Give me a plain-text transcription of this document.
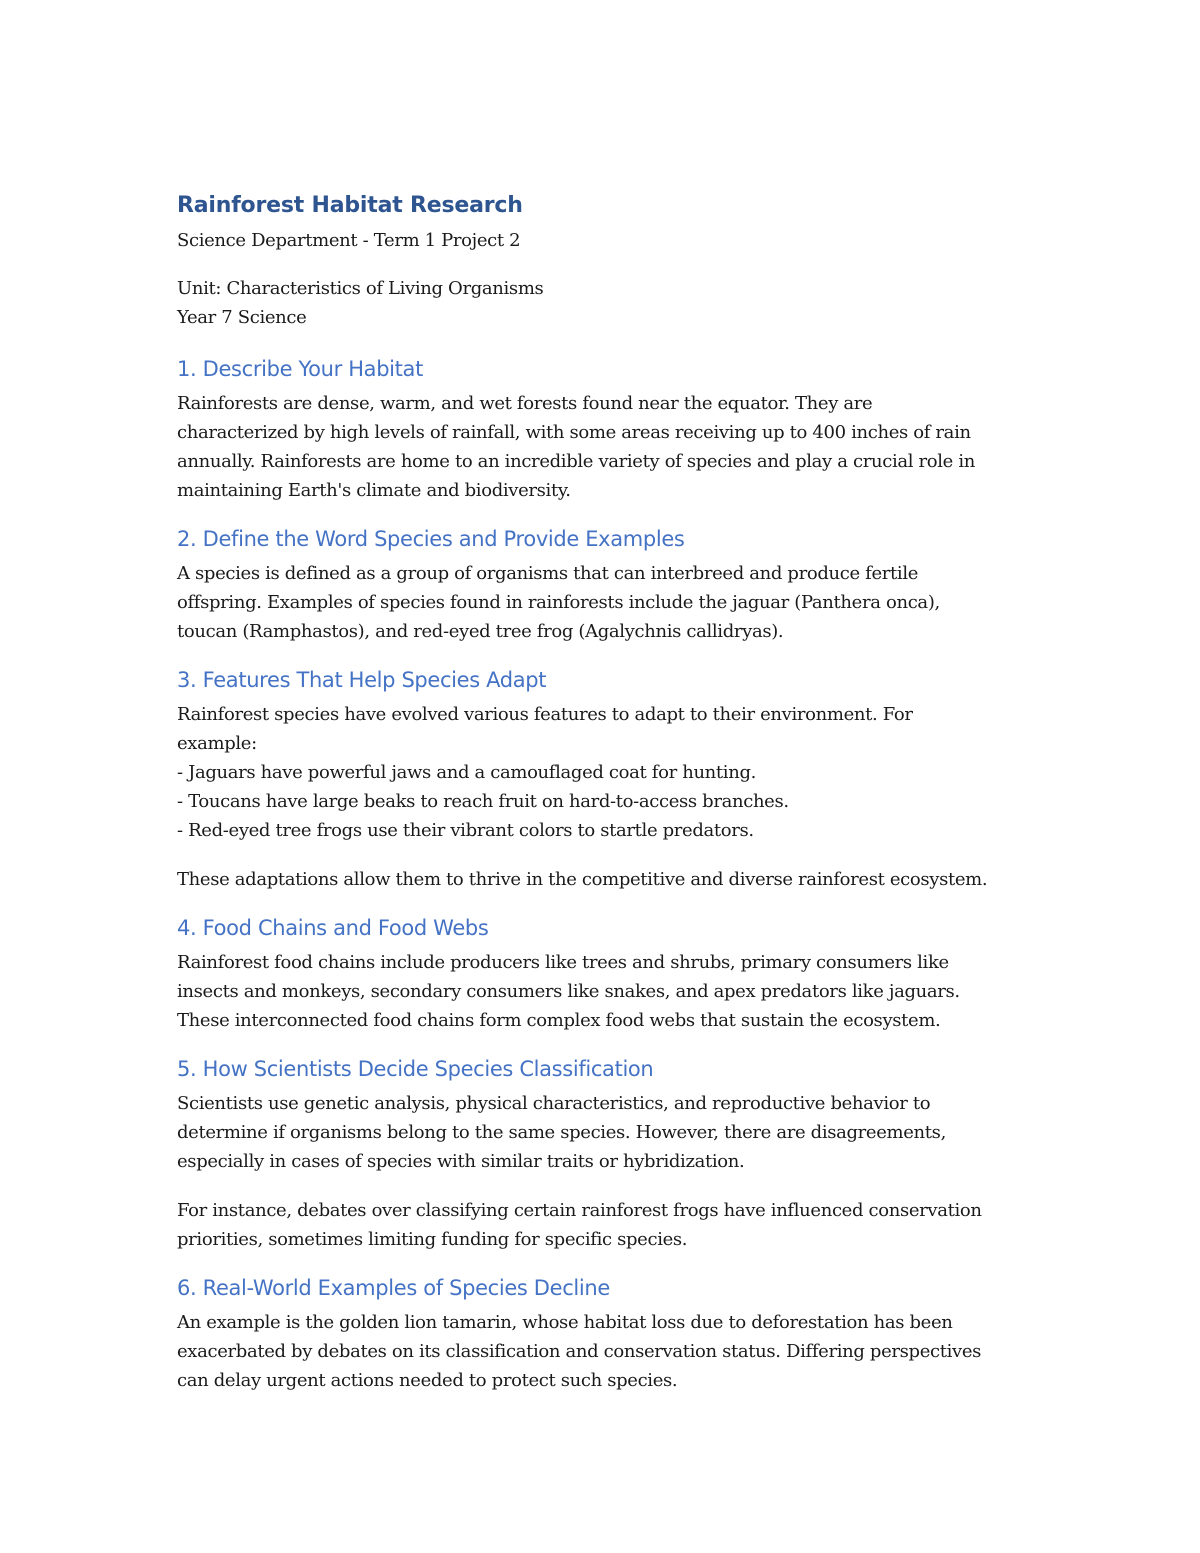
Rainforest Habitat Research

Science Department - Term 1 Project 2

Unit: Characteristics of Living Organisms
Year 7 Science

1. Describe Your Habitat

Rainforests are dense, warm, and wet forests found near the equator. They are
characterized by high levels of rainfall, with some areas receiving up to 400 inches of rain
annually. Rainforests are home to an incredible variety of species and play a crucial role in
maintaining Earth's climate and biodiversity.

2. Define the Word Species and Provide Examples

A species is defined as a group of organisms that can interbreed and produce fertile
offspring. Examples of species found in rainforests include the jaguar (Panthera onca),
toucan (Ramphastos), and red-eyed tree frog (Agalychnis callidryas).

3. Features That Help Species Adapt

Rainforest species have evolved various features to adapt to their environment. For
example:
- Jaguars have powerful jaws and a camouflaged coat for hunting.
- Toucans have large beaks to reach fruit on hard-to-access branches.
- Red-eyed tree frogs use their vibrant colors to startle predators.

These adaptations allow them to thrive in the competitive and diverse rainforest ecosystem.

4. Food Chains and Food Webs

Rainforest food chains include producers like trees and shrubs, primary consumers like
insects and monkeys, secondary consumers like snakes, and apex predators like jaguars.
These interconnected food chains form complex food webs that sustain the ecosystem.

5. How Scientists Decide Species Classification

Scientists use genetic analysis, physical characteristics, and reproductive behavior to
determine if organisms belong to the same species. However, there are disagreements,
especially in cases of species with similar traits or hybridization.

For instance, debates over classifying certain rainforest frogs have influenced conservation
priorities, sometimes limiting funding for specific species.

6. Real-World Examples of Species Decline

An example is the golden lion tamarin, whose habitat loss due to deforestation has been
exacerbated by debates on its classification and conservation status. Differing perspectives
can delay urgent actions needed to protect such species.
